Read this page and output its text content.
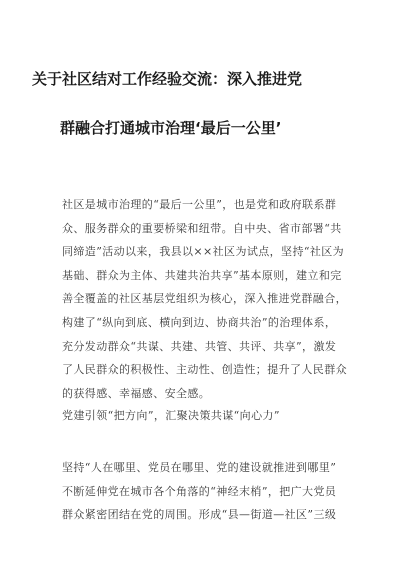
关于社区结对工作经验交流：深入推进党
群融合打通城市治理‘最后一公里’
社区是城市治理的“最后一公里”，也是党和政府联系群
众、服务群众的重要桥梁和纽带。自中央、省市部署“共
同缔造”活动以来，我县以××社区为试点，坚持“社区为
基础、群众为主体、共建共治共享”基本原则，建立和完
善全覆盖的社区基层党组织为核心，深入推进党群融合，
构建了“纵向到底、横向到边、协商共治”的治理体系，
充分发动群众“共谋、共建、共管、共评、共享”，激发
了人民群众的积极性、主动性、创造性；提升了人民群众
的获得感、幸福感、安全感。
党建引领“把方向”，汇聚决策共谋“向心力”
坚持“人在哪里、党员在哪里、党的建设就推进到哪里”
不断延伸党在城市各个角落的“神经末梢”，把广大党员
群众紧密团结在党的周围。形成“县—街道—社区”三级
